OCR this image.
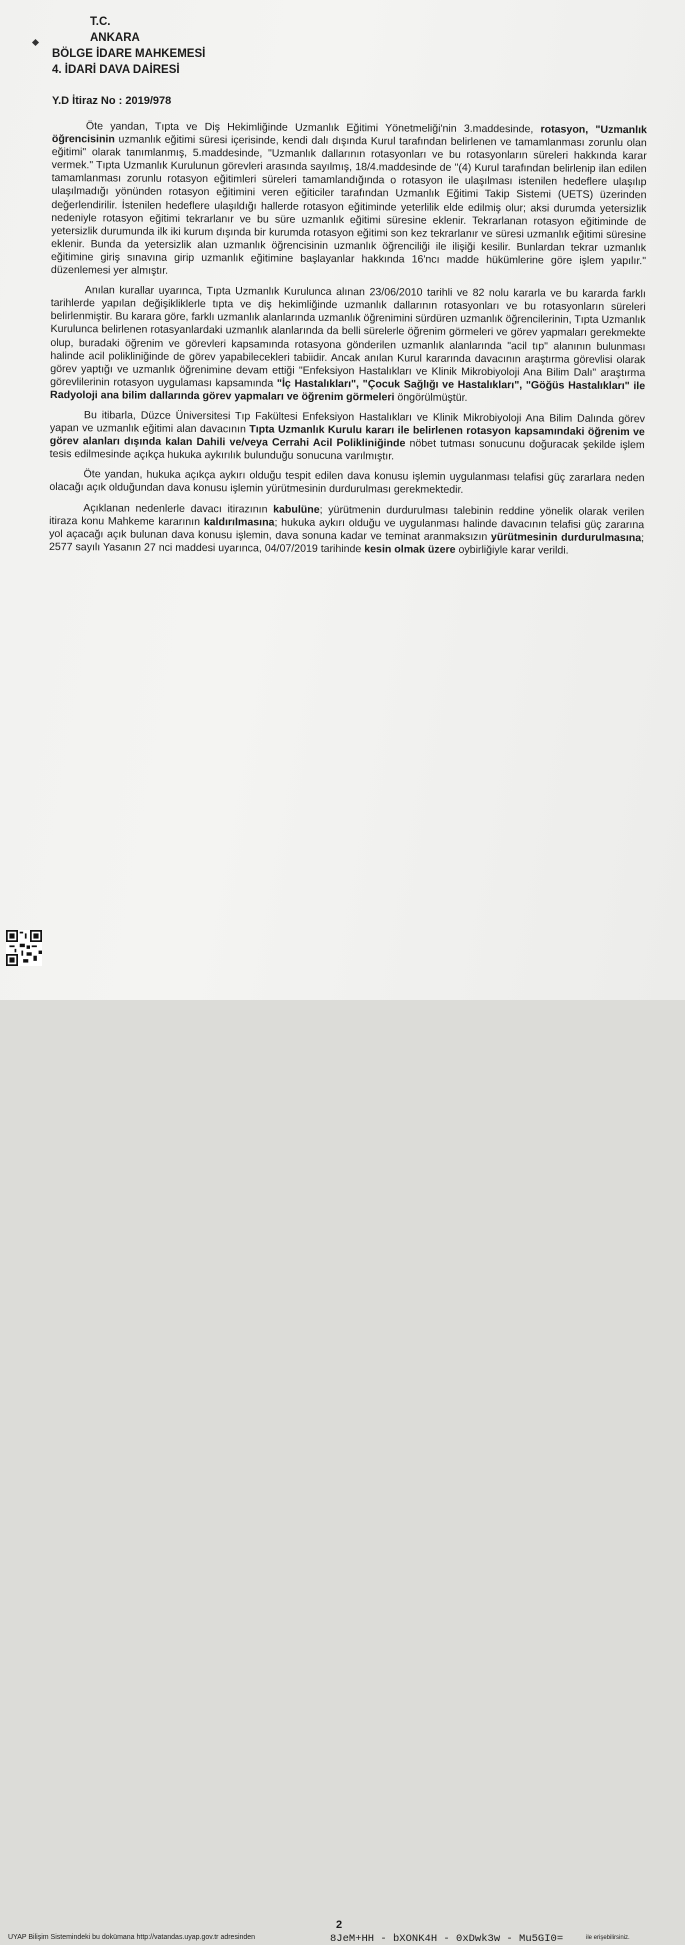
T.C.
ANKARA
BÖLGE İDARE MAHKEMESİ
4. İDARİ DAVA DAİRESİ
Y.D İtiraz No : 2019/978

Öte yandan, Tıpta ve Diş Hekimliğinde Uzmanlık Eğitimi Yönetmeliği'nin 3.maddesinde, rotasyon, "Uzmanlık öğrencisinin uzmanlık eğitimi süresi içerisinde, kendi dalı dışında Kurul tarafından belirlenen ve tamamlanması zorunlu olan eğitimi" olarak tanımlanmış, 5.maddesinde, "Uzmanlık dallarının rotasyonları ve bu rotasyonların süreleri hakkında karar vermek." Tıpta Uzmanlık Kurulunun görevleri arasında sayılmış, 18/4.maddesinde de "(4) Kurul tarafından belirlenip ilan edilen tamamlanması zorunlu rotasyon eğitimleri süreleri tamamlandığında o rotasyon ile ulaşılması istenilen hedeflere ulaşılıp ulaşılmadığı yönünden rotasyon eğitimini veren eğiticiler tarafından Uzmanlık Eğitimi Takip Sistemi (UETS) üzerinden değerlendirilir. İstenilen hedeflere ulaşıldığı hallerde rotasyon eğitiminde yeterlilik elde edilmiş olur; aksi durumda yetersizlik nedeniyle rotasyon eğitimi tekrarlanır ve bu süre uzmanlık eğitimi süresine eklenir. Tekrarlanan rotasyon eğitiminde de yetersizlik durumunda ilk iki kurum dışında bir kurumda rotasyon eğitimi son kez tekrarlanır ve süresi uzmanlık eğitimi süresine eklenir. Bunda da yetersizlik alan uzmanlık öğrencisinin uzmanlık öğrenciliği ile ilişiği kesilir. Bunlardan tekrar uzmanlık eğitimine giriş sınavına girip uzmanlık eğitimine başlayanlar hakkında 16'ncı madde hükümlerine göre işlem yapılır." düzenlemesi yer almıştır.

Anılan kurallar uyarınca, Tıpta Uzmanlık Kurulunca alınan 23/06/2010 tarihli ve 82 nolu kararla ve bu kararda farklı tarihlerde yapılan değişikliklerle tıpta ve diş hekimliğinde uzmanlık dallarının rotasyonları ve bu rotasyonların süreleri belirlenmiştir. Bu karara göre, farklı uzmanlık alanlarında uzmanlık öğrenimini sürdüren uzmanlık öğrencilerinin, Tıpta Uzmanlık Kurulunca belirlenen rotasyanlardaki uzmanlık alanlarında da belli sürelerle öğrenim görmeleri ve görev yapmaları gerekmekte olup, buradaki öğrenim ve görevleri kapsamında rotasyona gönderilen uzmanlık alanlarında "acil tıp" alanının bulunması halinde acil polikliniğinde de görev yapabilecekleri tabiidir. Ancak anılan Kurul kararında davacının araştırma görevlisi olarak görev yaptığı ve uzmanlık öğrenimine devam ettiği "Enfeksiyon Hastalıkları ve Klinik Mikrobiyoloji Ana Bilim Dalı" araştırma görevlilerinin rotasyon uygulaması kapsamında "İç Hastalıkları", "Çocuk Sağlığı ve Hastalıkları", "Göğüs Hastalıkları" ile Radyoloji ana bilim dallarında görev yapmaları ve öğrenim görmeleri öngörülmüştür.

Bu itibarla, Düzce Üniversitesi Tıp Fakültesi Enfeksiyon Hastalıkları ve Klinik Mikrobiyoloji Ana Bilim Dalında görev yapan ve uzmanlık eğitimi alan davacının Tıpta Uzmanlık Kurulu kararı ile belirlenen rotasyon kapsamındaki öğrenim ve görev alanları dışında kalan Dahili ve/veya Cerrahi Acil Polikliniğinde nöbet tutması sonucunu doğuracak şekilde işlem tesis edilmesinde açıkça hukuka aykırılık bulunduğu sonucuna varılmıştır.

Öte yandan, hukuka açıkça aykırı olduğu tespit edilen dava konusu işlemin uygulanması telafisi güç zararlara neden olacağı açık olduğundan dava konusu işlemin yürütmesinin durdurulması gerekmektedir.

Açıklanan nedenlerle davacı itirazının kabulüne; yürütmenin durdurulması talebinin reddine yönelik olarak verilen itiraza konu Mahkeme kararının kaldırılmasına; hukuka aykırı olduğu ve uygulanması halinde davacının telafisi güç zararına yol açacağı açık bulunan dava konusu işlemin, dava sonuna kadar ve teminat aranmaksızın yürütmesinin durdurulmasına; 2577 sayılı Yasanın 27 nci maddesi uyarınca, 04/07/2019 tarihinde kesin olmak üzere oybirliğiyle karar verildi.

2
UYAP Bilişim Sistemindeki bu dokümana http://vatandas.uyap.gov.tr adresinden	8JeM+HH - bXONK4H - 0xDwk3w - Mu5GI0=	ile erişebilirsiniz.
